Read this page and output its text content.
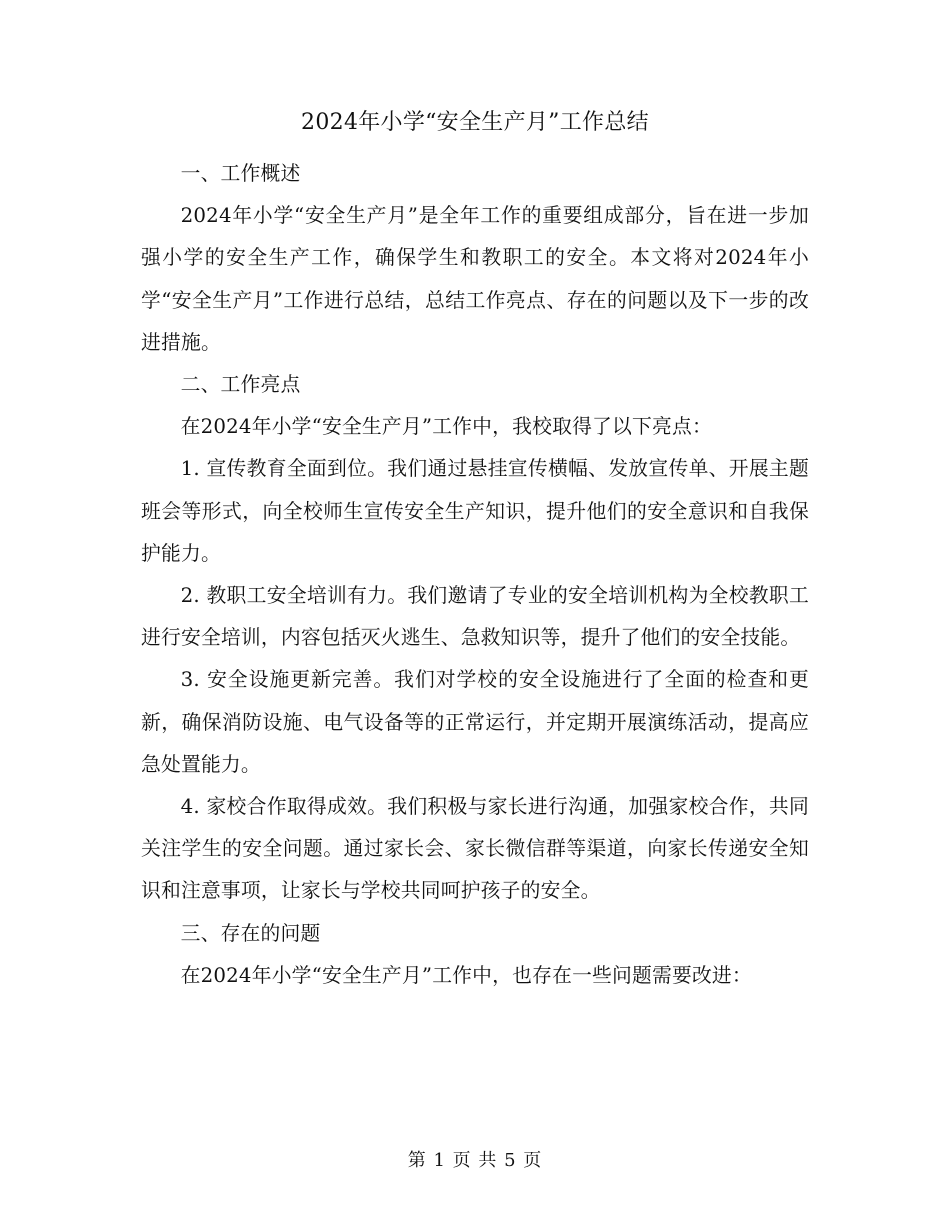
2024年小学“安全生产月”工作总结

一、工作概述

2024年小学“安全生产月”是全年工作的重要组成部分，旨在进一步加强小学的安全生产工作，确保学生和教职工的安全。本文将对2024年小学“安全生产月”工作进行总结，总结工作亮点、存在的问题以及下一步的改进措施。

二、工作亮点

在2024年小学“安全生产月”工作中，我校取得了以下亮点：

1. 宣传教育全面到位。我们通过悬挂宣传横幅、发放宣传单、开展主题班会等形式，向全校师生宣传安全生产知识，提升他们的安全意识和自我保护能力。

2. 教职工安全培训有力。我们邀请了专业的安全培训机构为全校教职工进行安全培训，内容包括灭火逃生、急救知识等，提升了他们的安全技能。

3. 安全设施更新完善。我们对学校的安全设施进行了全面的检查和更新，确保消防设施、电气设备等的正常运行，并定期开展演练活动，提高应急处置能力。

4. 家校合作取得成效。我们积极与家长进行沟通，加强家校合作，共同关注学生的安全问题。通过家长会、家长微信群等渠道，向家长传递安全知识和注意事项，让家长与学校共同呵护孩子的安全。

三、存在的问题

在2024年小学“安全生产月”工作中，也存在一些问题需要改进：

第 1 页 共 5 页
